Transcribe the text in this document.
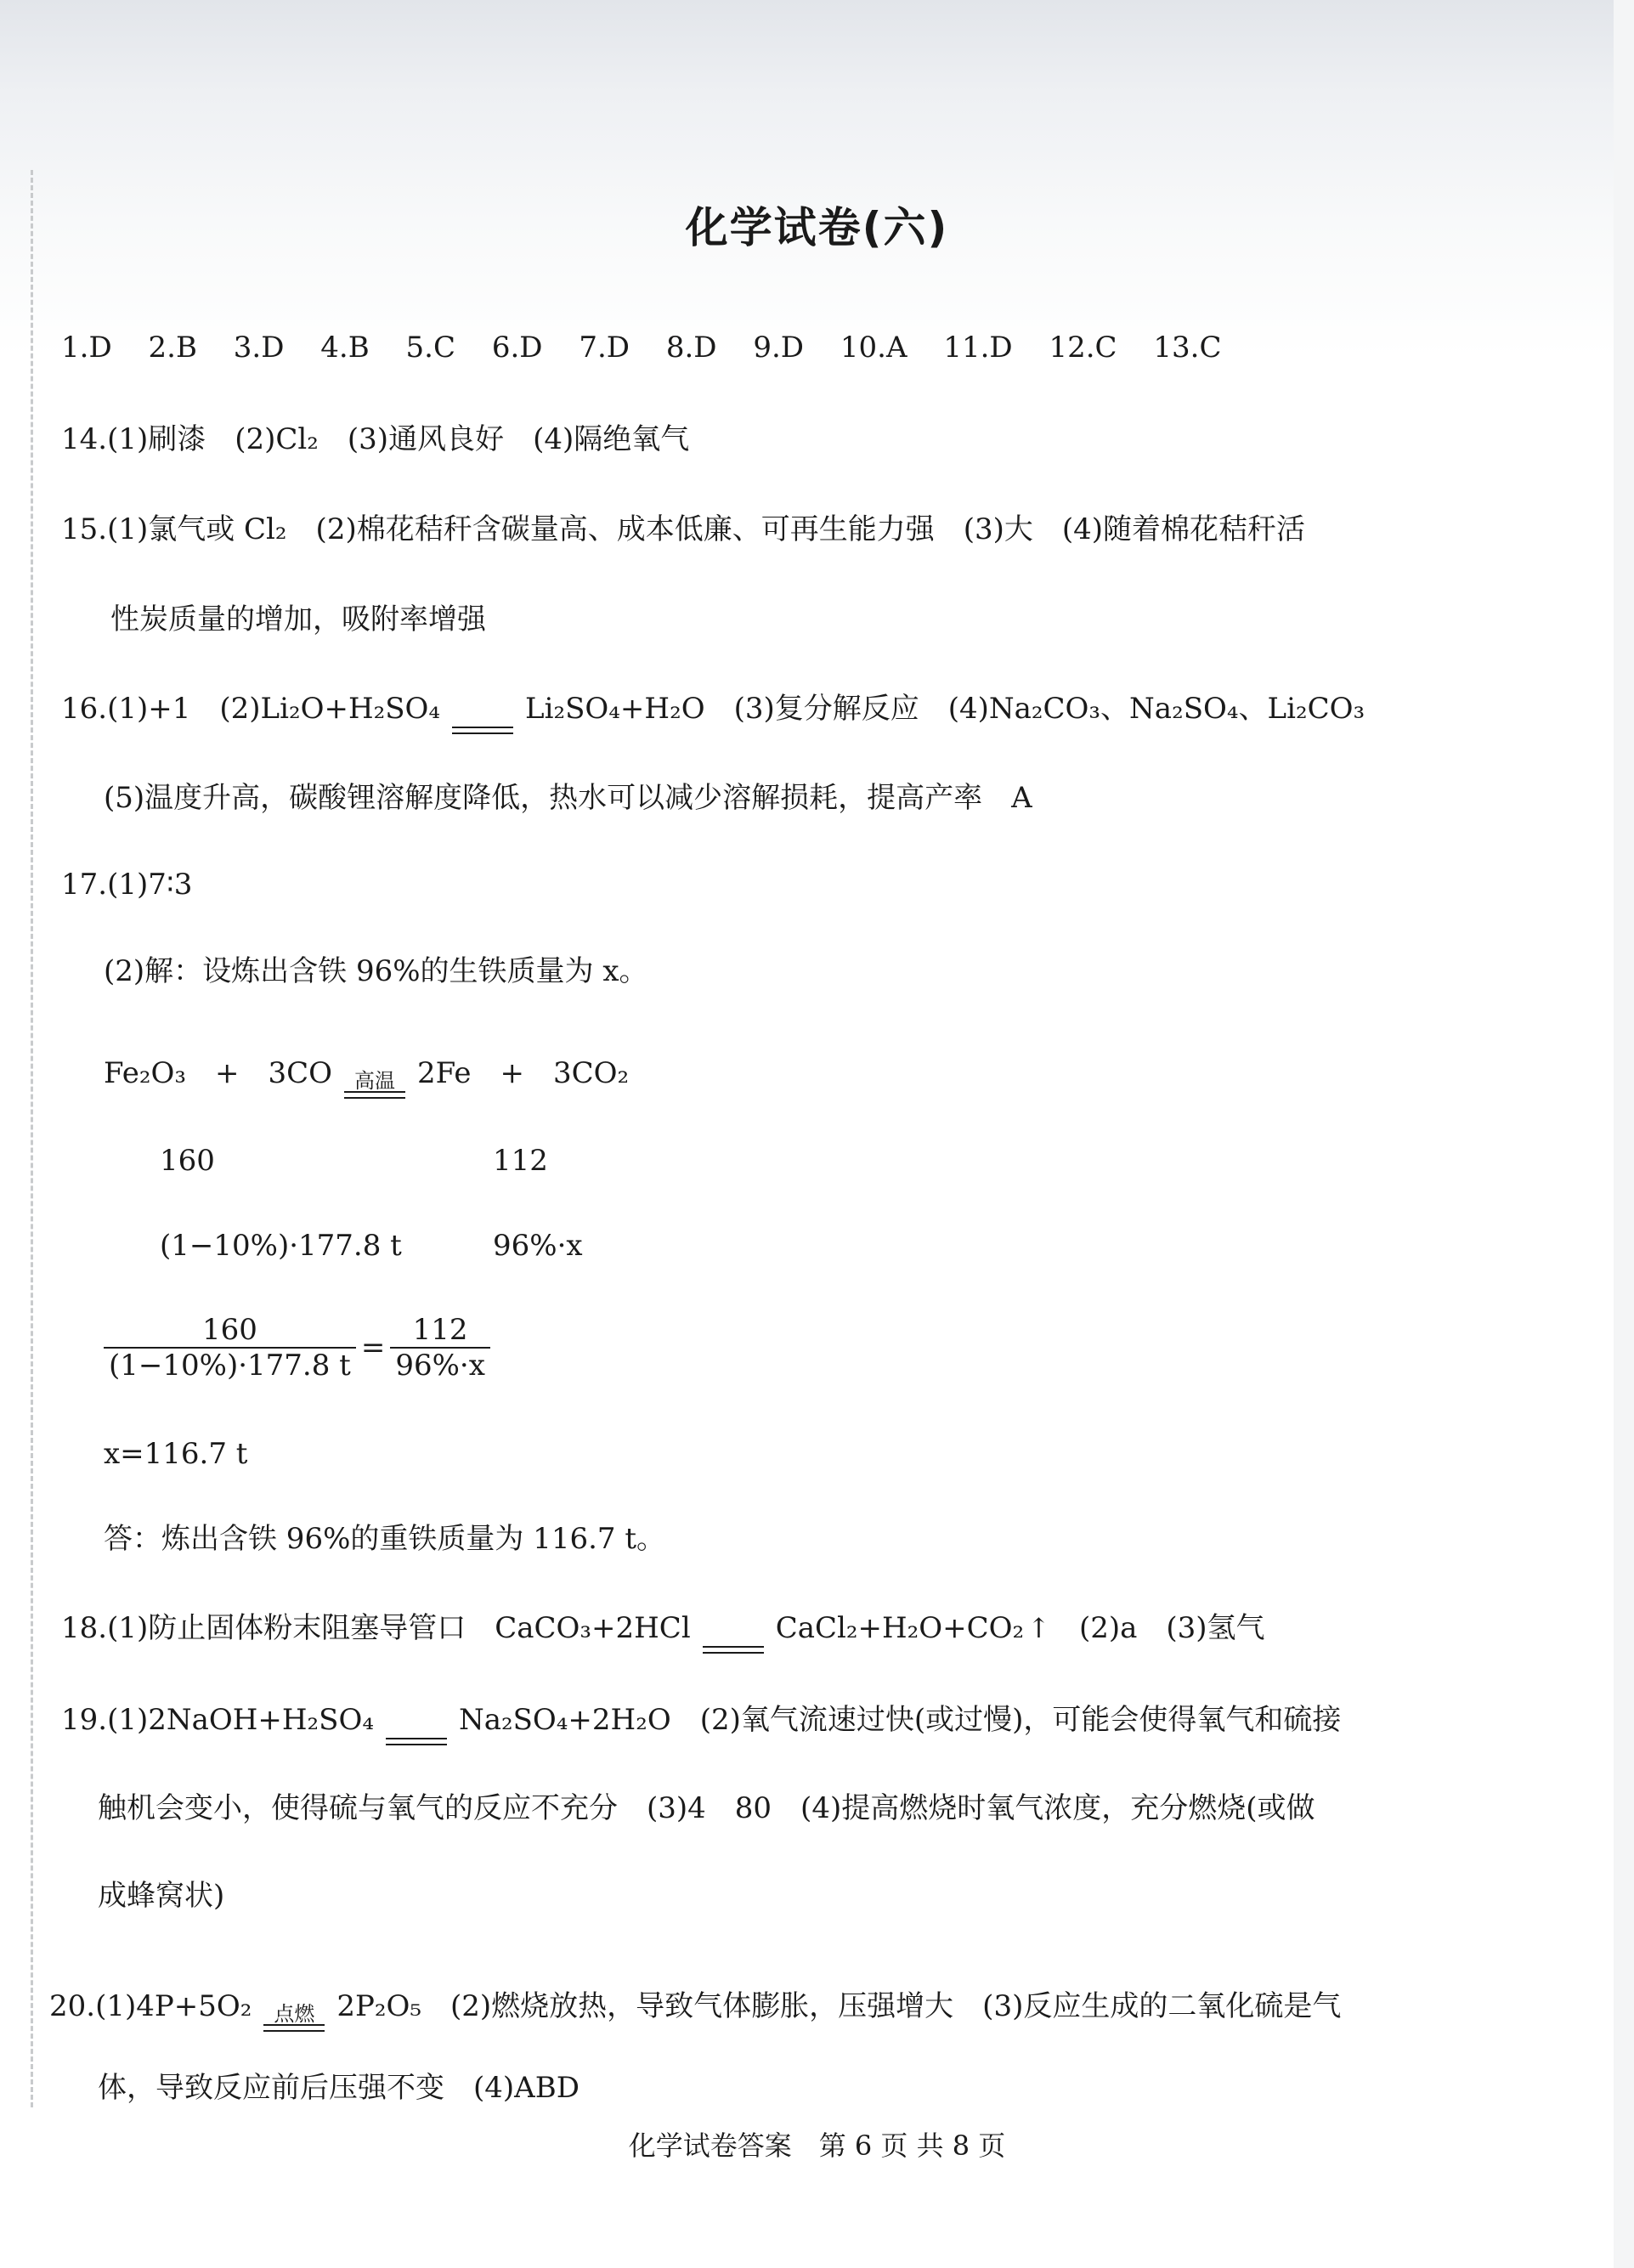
化学试卷(六)
1.D 2.B 3.D 4.B 5.C 6.D 7.D 8.D 9.D 10.A 11.D 12.C 13.C
14.(1)刷漆　(2)Cl₂　(3)通风良好　(4)隔绝氧气
15.(1)氯气或 Cl₂　(2)棉花秸秆含碳量高、成本低廉、可再生能力强　(3)大　(4)随着棉花秸秆活
性炭质量的增加，吸附率增强
16.(1)+1　(2)Li₂O+H₂SO₄
	Li₂SO₄+H₂O　(3)复分解反应　(4)Na₂CO₃、Na₂SO₄、Li₂CO₃
(5)温度升高，碳酸锂溶解度降低，热水可以减少溶解损耗，提高产率　A
17.(1)7∶3
(2)解：设炼出含铁 96%的生铁质量为 x。
Fe₂O₃　+　3CO	高温 2Fe　+　3CO₂
160	112
(1−10%)·177.8 t	96%·x
$\frac{160}{(1-10\%)\cdot 177.8 t} = \frac{112}{96\%\cdot x}$
x=116.7 t
答：炼出含铁 96%的重铁质量为 116.7 t。
18.(1)防止固体粉末阻塞导管口　CaCO₃+2HCl
	CaCl₂+H₂O+CO₂ ↑　(2)a　(3)氢气
19.(1)2NaOH+H₂SO₄
	Na₂SO₄+2H₂O　(2)氧气流速过快(或过慢)，可能会使得氧气和硫接
触机会变小，使得硫与氧气的反应不充分　(3)4　80　(4)提高燃烧时氧气浓度，充分燃烧(或做
成蜂窝状)
20.(1)4P+5O₂	点燃 2P₂O₅　(2)燃烧放热，导致气体膨胀，压强增大　(3)反应生成的二氧化硫是气
体，导致反应前后压强不变　(4)ABD
化学试卷答案　第 6 页 共 8 页
